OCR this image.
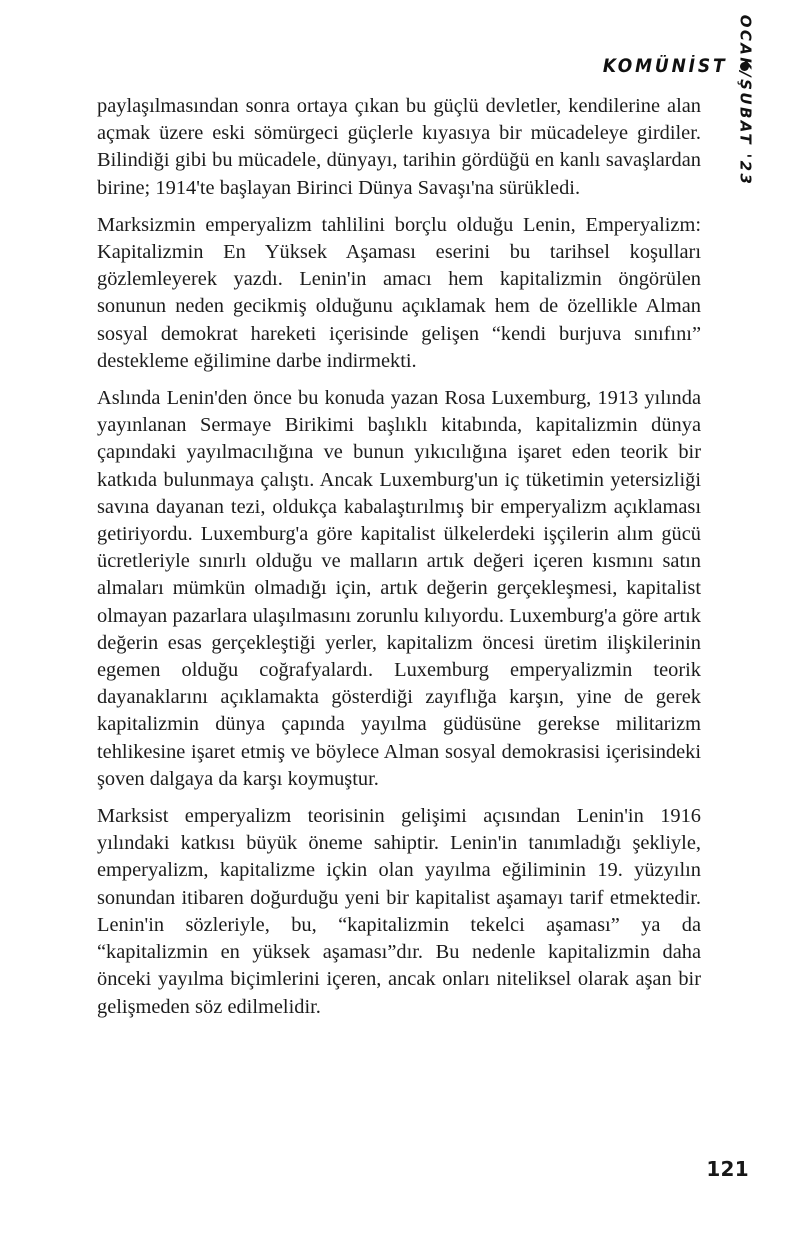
KOMÜNİST OCAK/ŞUBAT '23

paylaşılmasından sonra ortaya çıkan bu güçlü devletler, kendilerine alan açmak üzere eski sömürgeci güçlerle kıyasıya bir mücadeleye girdiler. Bilindiği gibi bu mücadele, dünyayı, tarihin gördüğü en kanlı savaşlardan birine; 1914'te başlayan Birinci Dünya Savaşı'na sürükledi.

Marksizmin emperyalizm tahlilini borçlu olduğu Lenin, Emperyalizm: Kapitalizmin En Yüksek Aşaması eserini bu tarihsel koşulları gözlemleyerek yazdı. Lenin'in amacı hem kapitalizmin öngörülen sonunun neden gecikmiş olduğunu açıklamak hem de özellikle Alman sosyal demokrat hareketi içerisinde gelişen “kendi burjuva sınıfını” destekleme eğilimine darbe indirmekti.

Aslında Lenin'den önce bu konuda yazan Rosa Luxemburg, 1913 yılında yayınlanan Sermaye Birikimi başlıklı kitabında, kapitalizmin dünya çapındaki yayılmacılığına ve bunun yıkıcılığına işaret eden teorik bir katkıda bulunmaya çalıştı. Ancak Luxemburg'un iç tüketimin yetersizliği savına dayanan tezi, oldukça kabalaştırılmış bir emperyalizm açıklaması getiriyordu. Luxemburg'a göre kapitalist ülkelerdeki işçilerin alım gücü ücretleriyle sınırlı olduğu ve malların artık değeri içeren kısmını satın almaları mümkün olmadığı için, artık değerin gerçekleşmesi, kapitalist olmayan pazarlara ulaşılmasını zorunlu kılıyordu. Luxemburg'a göre artık değerin esas gerçekleştiği yerler, kapitalizm öncesi üretim ilişkilerinin egemen olduğu coğrafyalardı. Luxemburg emperyalizmin teorik dayanaklarını açıklamakta gösterdiği zayıflığa karşın, yine de gerek kapitalizmin dünya çapında yayılma güdüsüne gerekse militarizm tehlikesine işaret etmiş ve böylece Alman sosyal demokrasisi içerisindeki şoven dalgaya da karşı koymuştur.

Marksist emperyalizm teorisinin gelişimi açısından Lenin'in 1916 yılındaki katkısı büyük öneme sahiptir. Lenin'in tanımladığı şekliyle, emperyalizm, kapitalizme içkin olan yayılma eğiliminin 19. yüzyılın sonundan itibaren doğurduğu yeni bir kapitalist aşamayı tarif etmektedir. Lenin'in sözleriyle, bu, “kapitalizmin tekelci aşaması” ya da “kapitalizmin en yüksek aşaması”dır. Bu nedenle kapitalizmin daha önceki yayılma biçimlerini içeren, ancak onları niteliksel olarak aşan bir gelişmeden söz edilmelidir.

121
